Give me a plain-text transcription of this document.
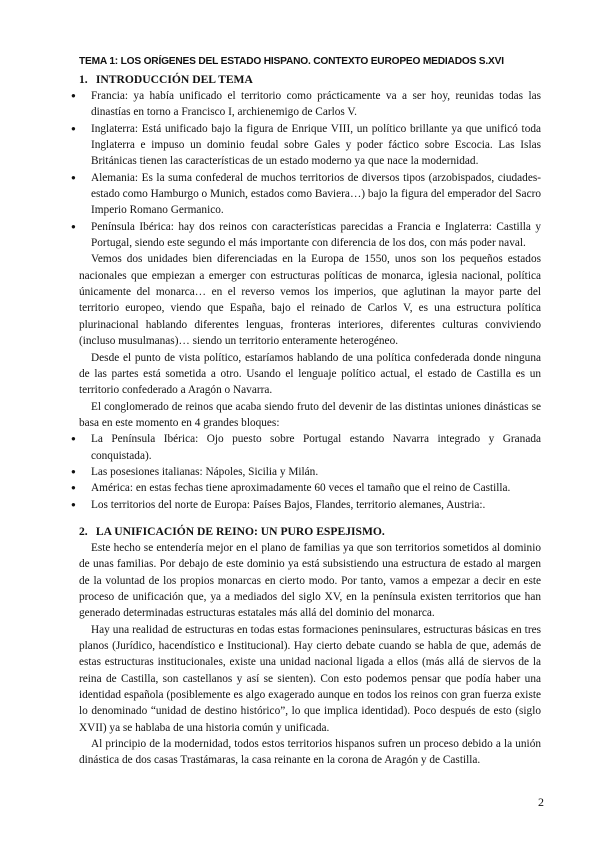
TEMA 1: LOS ORÍGENES DEL ESTADO HISPANO. CONTEXTO EUROPEO MEDIADOS S.XVI
1. INTRODUCCIÓN DEL TEMA
● Francia: ya había unificado el territorio como prácticamente va a ser hoy, reunidas todas las dinastías en torno a Francisco I, archienemigo de Carlos V.
● Inglaterra: Está unificado bajo la figura de Enrique VIII, un político brillante ya que unificó toda Inglaterra e impuso un dominio feudal sobre Gales y poder fáctico sobre Escocia. Las Islas Británicas tienen las características de un estado moderno ya que nace la modernidad.
● Alemania: Es la suma confederal de muchos territorios de diversos tipos (arzobispados, ciudades-estado como Hamburgo o Munich, estados como Baviera…) bajo la figura del emperador del Sacro Imperio Romano Germanico.
● Península Ibérica: hay dos reinos con características parecidas a Francia e Inglaterra: Castilla y Portugal, siendo este segundo el más importante con diferencia de los dos, con más poder naval.

Vemos dos unidades bien diferenciadas en la Europa de 1550, unos son los pequeños estados nacionales que empiezan a emerger con estructuras políticas de monarca, iglesia nacional, política únicamente del monarca… en el reverso vemos los imperios, que aglutinan la mayor parte del territorio europeo, viendo que España, bajo el reinado de Carlos V, es una estructura política plurinacional hablando diferentes lenguas, fronteras interiores, diferentes culturas conviviendo (incluso musulmanas)… siendo un territorio enteramente heterogéneo.

Desde el punto de vista político, estaríamos hablando de una política confederada donde ninguna de las partes está sometida a otro. Usando el lenguaje político actual, el estado de Castilla es un territorio confederado a Aragón o Navarra.

El conglomerado de reinos que acaba siendo fruto del devenir de las distintas uniones dinásticas se basa en este momento en 4 grandes bloques:

● La Península Ibérica: Ojo puesto sobre Portugal estando Navarra integrado y Granada conquistada).
● Las posesiones italianas: Nápoles, Sicilia y Milán.
● América: en estas fechas tiene aproximadamente 60 veces el tamaño que el reino de Castilla.
● Los territorios del norte de Europa: Países Bajos, Flandes, territorio alemanes, Austria:.
2. LA UNIFICACIÓN DE REINO: UN PURO ESPEJISMO.

Este hecho se entendería mejor en el plano de familias ya que son territorios sometidos al dominio de unas familias. Por debajo de este dominio ya está subsistiendo una estructura de estado al margen de la voluntad de los propios monarcas en cierto modo. Por tanto, vamos a empezar a decir en este proceso de unificación que, ya a mediados del siglo XV, en la península existen territorios que han generado determinadas estructuras estatales más allá del dominio del monarca.

Hay una realidad de estructuras en todas estas formaciones peninsulares, estructuras básicas en tres planos (Jurídico, hacendístico e Institucional). Hay cierto debate cuando se habla de que, además de estas estructuras institucionales, existe una unidad nacional ligada a ellos (más allá de siervos de la reina de Castilla, son castellanos y así se sienten). Con esto podemos pensar que podía haber una identidad española (posiblemente es algo exagerado aunque en todos los reinos con gran fuerza existe lo denominado “unidad de destino histórico”, lo que implica identidad). Poco después de esto (siglo XVII) ya se hablaba de una historia común y unificada.

Al principio de la modernidad, todos estos territorios hispanos sufren un proceso debido a la unión dinástica de dos casas Trastámaras, la casa reinante en la corona de Aragón y de Castilla.

2
